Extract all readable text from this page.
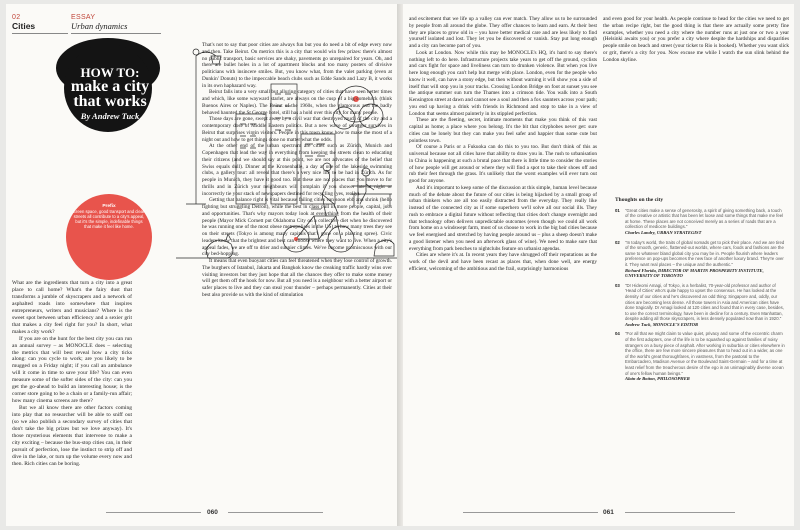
02
Cities
ESSAY
Urban dynamics
HOW TO:
make a city that works
By Andrew Tuck
Prefix
Green space, good transport and clean streets all contribute to a city's appeal, but it's the simple, indefinable things that make it feel like home.

What are the ingredients that turn a city into a great place to call home? What's the fairy dust that transforms a jumble of skyscrapers and a network of asphalted roads into somewhere that inspires entrepreneurs, writers and musicians? Where is the sweet spot between urban efficiency and a sexier grit that makes a city feel right for you? In short, what makes a city work?

If you are on the hunt for the best city you can run an annual survey – as MONOCLE does – selecting the metrics that will best reveal how a city ticks along: can you cycle to work; are you likely to be mugged on a Friday night; if you call an ambulance will it come in time to save your life? You can even measure some of the softer sides of the city: can you get the go-ahead to build an interesting house; is the corner store going to be a chain or a family-run affair; how many cinema screens are there?

But we all know there are other factors coming into play that no researcher will be able to sniff out (so we also publish a secondary survey of cities that don't take the big prizes but we love anyway). It's those mysterious elements that intervene to make a city exciting – because the bus-stop cities can, in their pursuit of perfection, lose the instinct to strip off and dive in the lake, or turn up the volume every now and then. Rich cities can be boring.

That's not to say that poor cities are always fun but you do need a bit of edge every now and then. Take Beirut. On metrics this is a city that would win few prizes: there's almost no public transport, basic services are shaky, pavements go unrepaired for years. Oh, and there are bullet holes in a lot of apartment blocks and too many posters of divisive politicians with insincere smiles. But, you know what, from the valet parking (even at Dunkin' Donuts) to the impeccable beach clubs such as Edde Sands and Lazy B, it works in its own haphazard way.

Beirut falls into a very small but alluring category of cities that have seen better times and which, like some wayward starlet, are always on the cusp of a big comeback (think Buenos Aires or Naples). The Beirut of the 1960s, when the glamorous and the badly behaved haunted the St George hotel, still has a hold over this city for many people.

Those days are gone, swept away by a civil war that destroyed much of the city and a contemporary dose of Middle Eastern politics. But a new wave of swagger survives in Beirut that surprises virgin visitors. People in this town know how to make the most of a night out and how to get things done no matter what the odds.

At the other end of the urban spectrum are cities such as Zürich, Munich and Copenhagen that lead the way in everything from keeping the streets clean to educating their citizens (and we should say at this point, we are not advocates of the belief that Swiss equals dull). Dinner at the Kronenhalle, a day at one of the lakeside swimming clubs, a gallery tour: all reveal that there's a very nice life to be had in Zürich. As for people in Munich, they have it good too. But these are not places that you move to for thrills and in Zürich your neighbours will complain if you shower late at night or incorrectly tie your stack of newspapers destined for recycling (yes, really).

Getting that balance right is vital because failing cities can soon ebb and shrink (hello fighting but struggling Detroit), while the best in class pull in more people, capital, jobs and opportunities. That's why mayors today look at everything from the health of their people (Mayor Mick Cornett put Oklahoma City on a collective diet when he discovered he was running one of the most obese metropolises in the US) to how many trees they see on their streets (Tokyo is among many capitals that's gone on a planting spree). Civic leaders know that the brightest and best can choose where they want to live. When a city's appeal fades, we are off to drier and sunnier climes. We've become promiscuous with our city bed-hopping.

It means that even buoyant cities can feel threatened when they lose control of growth. The burghers of Istanbul, Jakarta and Bangkok know the creaking traffic hardly wins over visiting investors but they just hope that all the chances they offer to make some money will get them off the hook for now. But all you need is a neighbour with a better airport or safer places to live and they can steal your thunder – perhaps permanently. Cities at their best also provide us with the kind of stimulation

060

and excitement that we life up a valley can ever match. They allow us to be surrounded by people from all around the globe. They offer chances to learn and earn. At their best they are places to grow old in – you have better medical care and are less likely to find yourself isolated and lost. They let you be discovered or vanish. Stay put long enough and a city can become part of you.

Look at London. Now while this may be MONOCLE's HQ, it's hard to say there's nothing left to do here. Infrastructure projects take years to get off the ground, cyclists and cars fight for space and liveliness can turn to drunken violence. But when you live here long enough you can't help but merge with place. London, even for the people who know it well, can have a stony edge, but then without warning it will show you a side of itself that will stop you in your tracks. Crossing London Bridge on foot at sunset you see the antique summer sun turn the Thames into a crimson tide. You walk into a South Kensington street at dawn and cannot see a soul and then a fox saunters across your path; you end up having a drink with friends in Richmond and stop to take in a view of London that seems almost painterly in its stippled perfection.

These are the fleeting, secret, intimate moments that make you think of this vast capital as home; a place where you belong. It's the bit that cityphobes never get: sure cities can be lonely but they can make you feel safer and happier than some cute but pointless town.

Of course a Paris or a Fukuoka can do this to you too. But don't think of this as universal because not all cities have that ability to draw you in. The rush to urbanisation in China is happening at such a brutal pace that there is little time to consider the stories of how people will get around or where they will find a spot to take their shoes off and rub their feet through the grass. It's unlikely that the worst examples will ever turn out good for anyone.

And it's important to keep some of the discussion at this simple, human level because much of the debate about the future of our cities is being hijacked by a small group of urban thinkers who are all too easily distracted from the everyday. They really like instead of the connected city as if some superhero we'll solve all our social ills. They rush to embrace a digital future without reflecting that cities don't change overnight and that technology often delivers unpredictable outcomes (even though we could all work from home on a windswept farm, most of us choose to work in the big bad cities because we feel energised and stretched by having people around us – plus a sheep doesn't make a good listener when you need an afterwork glass of wine). We need to make sure that everything from park benches to nightclubs feature on urbanist agendas.

Cities are where it's at. In recent years they have shrugged off their reputations as the work of the devil and have been recast as places that, when done well, are energy efficient, welcoming of the ambitious and the frail, surprisingly harmonious

and even good for your health. As people continue to head for the cities we need to get the urban recipe right, but the good thing is that there are actually some pretty fine examples, whether you need a city where the number runs at just one or two a year (Helsinki awaits you) or you prefer a city where despite the hardships and disparities people smile on beach and street (your ticket to Rio is booked). Whether you want slick or grit, there's a city for you. Now excuse me while I watch the sun slink behind the London skyline.

Thoughts on the city
01 "Great cities make a sense of generosity, a spirit of giving something back, a touch of the creative or artistic that has been let loose and some things that make me feel at home. These places are not conceived merely as a series of roads that are a collection of mediocre buildings."
Charles Landry, URBAN STRATEGIST
02 "In today's world, the traits of global nomads get to pick their place. And we are tired of the smooth, generic, flattened-out worlds, where cars, foods and fashions are the same to whatever bland global city you may be in. People flourish where leaders preference on pop-ups becomes the new face of another luxury brand. They're over it. They want real places – the unique and the authentic."
Richard Florida, DIRECTOR OF MARTIN PROSPERITY INSTITUTE, UNIVERSITY OF TORONTO
03 "Dr Hideomi Amagi, of Tokyo, is a herbalist, 70-year-old professor and author of 'Head of Cities' who's quite happy to upset the consensus. He has looked at the density of our cities and he's discovered an odd thing: Singapore and, oddly, our cities are becoming less dense. All those towers in Asia and American cities have done tragically. Dr Amagi looked at 120 cities and found that in every case, besides, to use the correct terminology, have been in decline for a century. Even Manhattan, despite adding all those skyscrapers, is less densely populated now than in 1920."
Andrew Tuck, MONOCLE'S EDITOR
04 "For all that we might claim to value quiet, privacy and some of the eccentric charm of the first adopters, one of the life is to be squashed up against families of noisy strangers on a busy piece of asphalt. After working in suburbia or cities elsewhere in the office, there are few more sincere pleasures than to head out in a wider, as one of the world's great thoroughfares, in vastness, from the pastoral to the Embarcadero, Madison Avenue or the Boulevard Saint-Germain – and for a time at least relief from the treacherous desire of the ego in an unimaginably diverse ocean of one's fellow human beings."
Alain de Botton, PHILOSOPHER
061
